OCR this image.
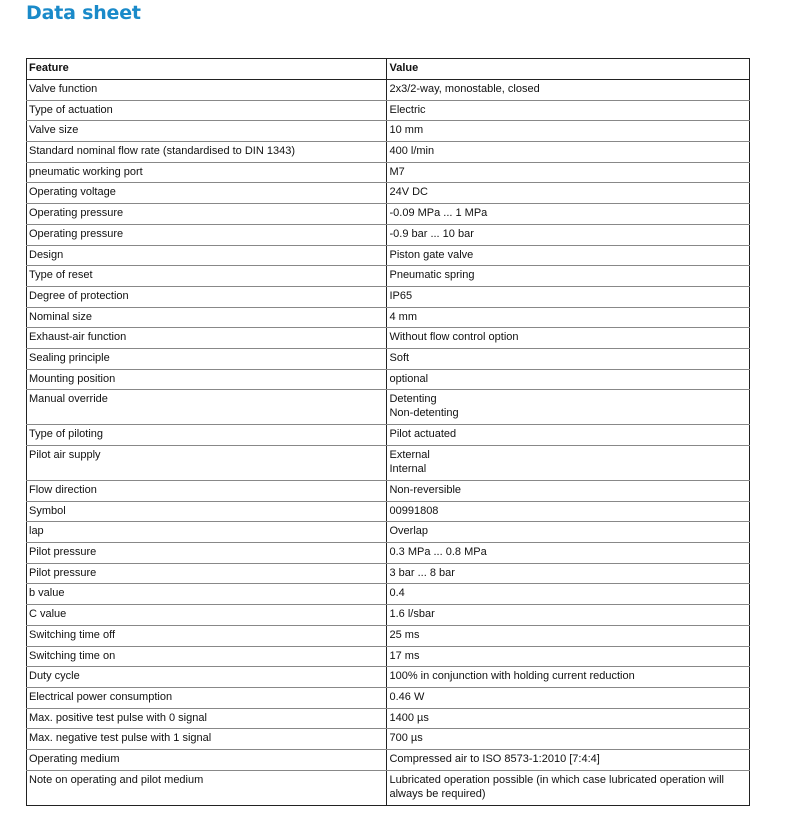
Data sheet
Feature	Value
Valve function	2x3/2-way, monostable, closed
Type of actuation	Electric
Valve size	10 mm
Standard nominal flow rate (standardised to DIN 1343)	400 l/min
pneumatic working port	M7
Operating voltage	24V DC
Operating pressure	-0.09 MPa ... 1 MPa
Operating pressure	-0.9 bar ... 10 bar
Design	Piston gate valve
Type of reset	Pneumatic spring
Degree of protection	IP65
Nominal size	4 mm
Exhaust-air function	Without flow control option
Sealing principle	Soft
Mounting position	optional
Manual override	Detenting
Non-detenting

Type of piloting	Pilot actuated
Pilot air supply	External
Internal

Flow direction	Non-reversible
Symbol	00991808
lap	Overlap
Pilot pressure	0.3 MPa ... 0.8 MPa
Pilot pressure	3 bar ... 8 bar
b value	0.4
C value	1.6 l/sbar
Switching time off	25 ms
Switching time on	17 ms
Duty cycle	100% in conjunction with holding current reduction
Electrical power consumption	0.46 W
Max. positive test pulse with 0 signal	1400 µs
Max. negative test pulse with 1 signal	700 µs
Operating medium	Compressed air to ISO 8573-1:2010 [7:4:4]
Note on operating and pilot medium	Lubricated operation possible (in which case lubricated operation will
always be required)
